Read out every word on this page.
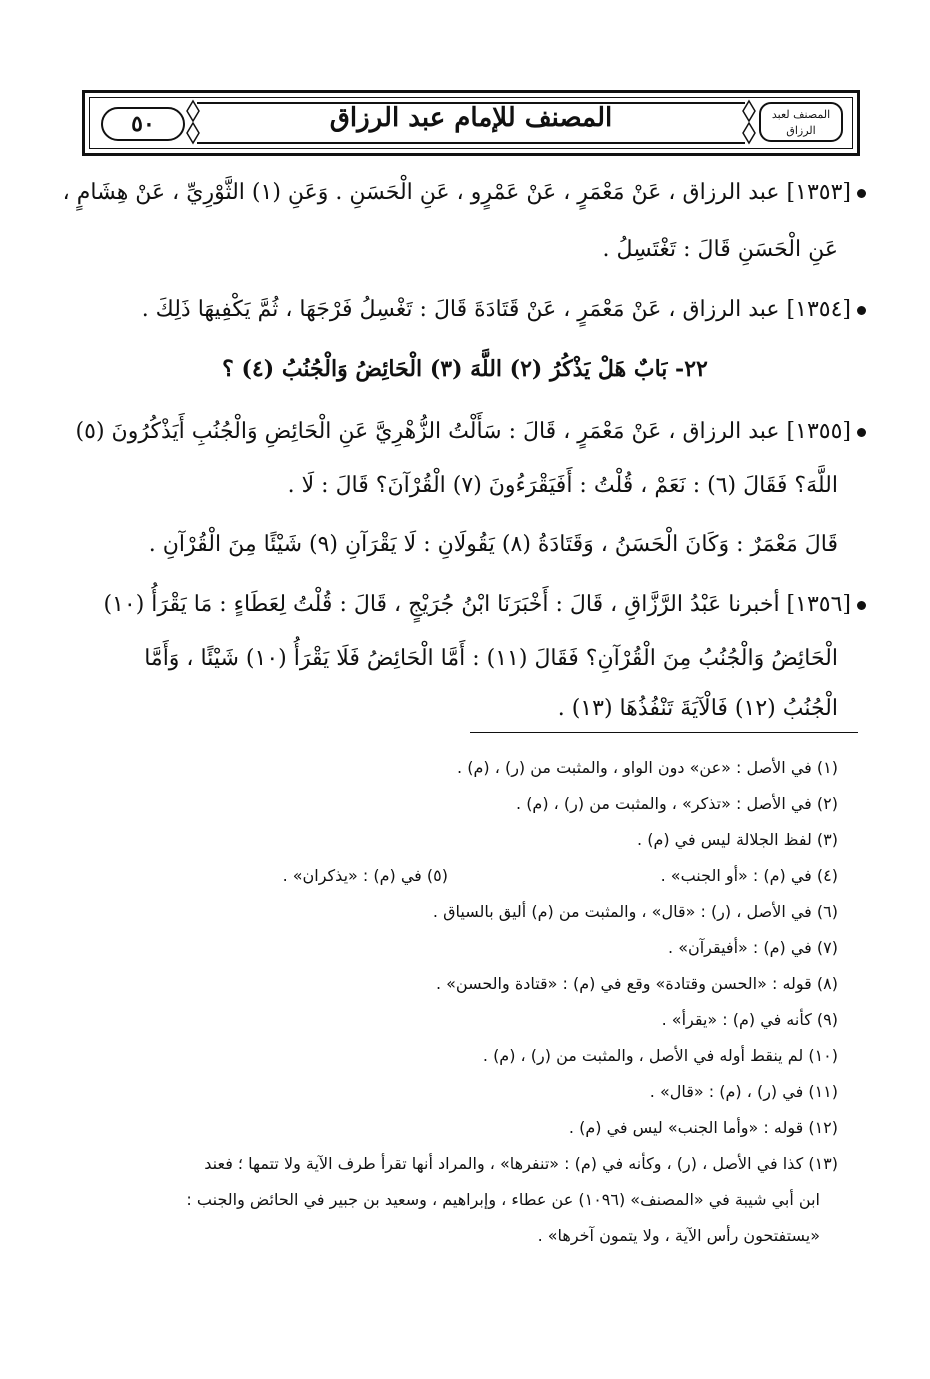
٥٠	المصنف للإمام عبد الرزاق	المصنف لعبد الرزاق
[١٣٥٣] عبد الرزاق ، عَنْ مَعْمَرٍ ، عَنْ عَمْرٍو ، عَنِ الْحَسَنِ . وَعَنِ (١) الثَّوْرِيِّ ، عَنْ هِشَامٍ ،
عَنِ الْحَسَنِ قَالَ : تَغْتَسِلُ .
[١٣٥٤] عبد الرزاق ، عَنْ مَعْمَرٍ ، عَنْ قَتَادَةَ قَالَ : تَغْسِلُ فَرْجَهَا ، ثُمَّ يَكْفِيهَا ذَلِكَ .
٢٢- بَابٌ هَلْ يَذْكُرُ (٢) اللَّهَ (٣) الْحَائِضُ وَالْجُنُبُ (٤) ؟
[١٣٥٥] عبد الرزاق ، عَنْ مَعْمَرٍ ، قَالَ : سَأَلْتُ الزُّهْرِيَّ عَنِ الْحَائِضِ وَالْجُنُبِ أَيَذْكُرُونَ (٥)
اللَّهَ؟ فَقَالَ (٦) : نَعَمْ ، قُلْتُ : أَفَيَقْرَءُونَ (٧) الْقُرْآنَ؟ قَالَ : لَا .
قَالَ مَعْمَرٌ : وَكَانَ الْحَسَنُ ، وَقَتَادَةُ (٨) يَقُولَانِ : لَا يَقْرَآنِ (٩) شَيْئًا مِنَ الْقُرْآنِ .
[١٣٥٦] أخبرنا عَبْدُ الرَّزَّاقِ ، قَالَ : أَخْبَرَنَا ابْنُ جُرَيْجٍ ، قَالَ : قُلْتُ لِعَطَاءٍ : مَا يَقْرَأُ (١٠)
الْحَائِضُ وَالْجُنُبُ مِنَ الْقُرْآنِ؟ فَقَالَ (١١) : أَمَّا الْحَائِضُ فَلَا يَقْرَأُ (١٠) شَيْئًا ، وَأَمَّا
الْجُنُبُ (١٢) فَالْآيَةَ تَنْفُذُهَا (١٣) .
(١) في الأصل : «عن» دون الواو ، والمثبت من (ر) ، (م) .
(٢) في الأصل : «تذكر» ، والمثبت من (ر) ، (م) .
(٣) لفظ الجلالة ليس في (م) .
(٤) في (م) : «أو الجنب» .
(٥) في (م) : «يذكران» .
(٦) في الأصل ، (ر) : «قال» ، والمثبت من (م) أليق بالسياق .
(٧) في (م) : «أفيقرآن» .
(٨) قوله : «الحسن وقتادة» وقع في (م) : «قتادة والحسن» .
(٩) كأنه في (م) : «يقرأ» .
(١٠) لم ينقط أوله في الأصل ، والمثبت من (ر) ، (م) .
(١١) في (ر) ، (م) : «قال» .
(١٢) قوله : «وأما الجنب» ليس في (م) .
(١٣) كذا في الأصل ، (ر) ، وكأنه في (م) : «تنفرها» ، والمراد أنها تقرأ طرف الآية ولا تتمها ؛ فعند
ابن أبي شيبة في «المصنف» (١٠٩٦) عن عطاء ، وإبراهيم ، وسعيد بن جبير في الحائض والجنب :
«يستفتحون رأس الآية ، ولا يتمون آخرها» .
